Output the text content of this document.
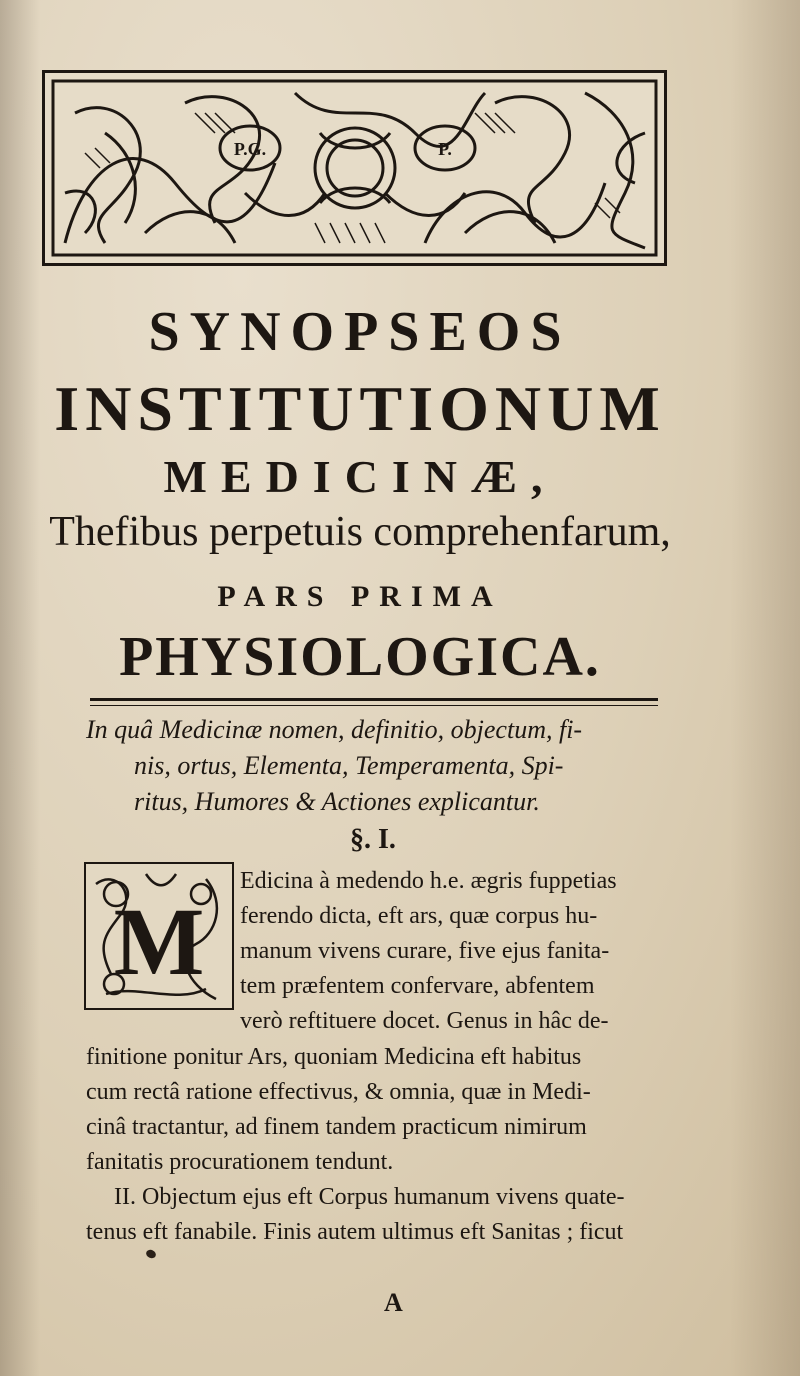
P.G.	P.
SYNOPSEOS
INSTITUTIONUM
MEDICINÆ,
Thefibus perpetuis comprehenfarum,
PARS PRIMA
PHYSIOLOGICA.

In quâ Medicinæ nomen, definitio, objectum, fi-

nis, ortus, Elementa, Temperamenta, Spi-

ritus, Humores & Actiones explicantur.

§. I.
M

Edicina à medendo h.e. ægris fuppetias

ferendo dicta, eft ars, quæ corpus hu-

manum vivens curare, five ejus fanita-

tem præfentem confervare, abfentem

verò reftituere docet. Genus in hâc de-

finitione ponitur Ars, quoniam Medicina eft habitus

cum rectâ ratione effectivus, & omnia, quæ in Medi-

cinâ tractantur, ad finem tandem practicum nimirum

fanitatis procurationem tendunt.

II. Objectum ejus eft Corpus humanum vivens quate-

tenus eft fanabile. Finis autem ultimus eft Sanitas ; ficut

A
